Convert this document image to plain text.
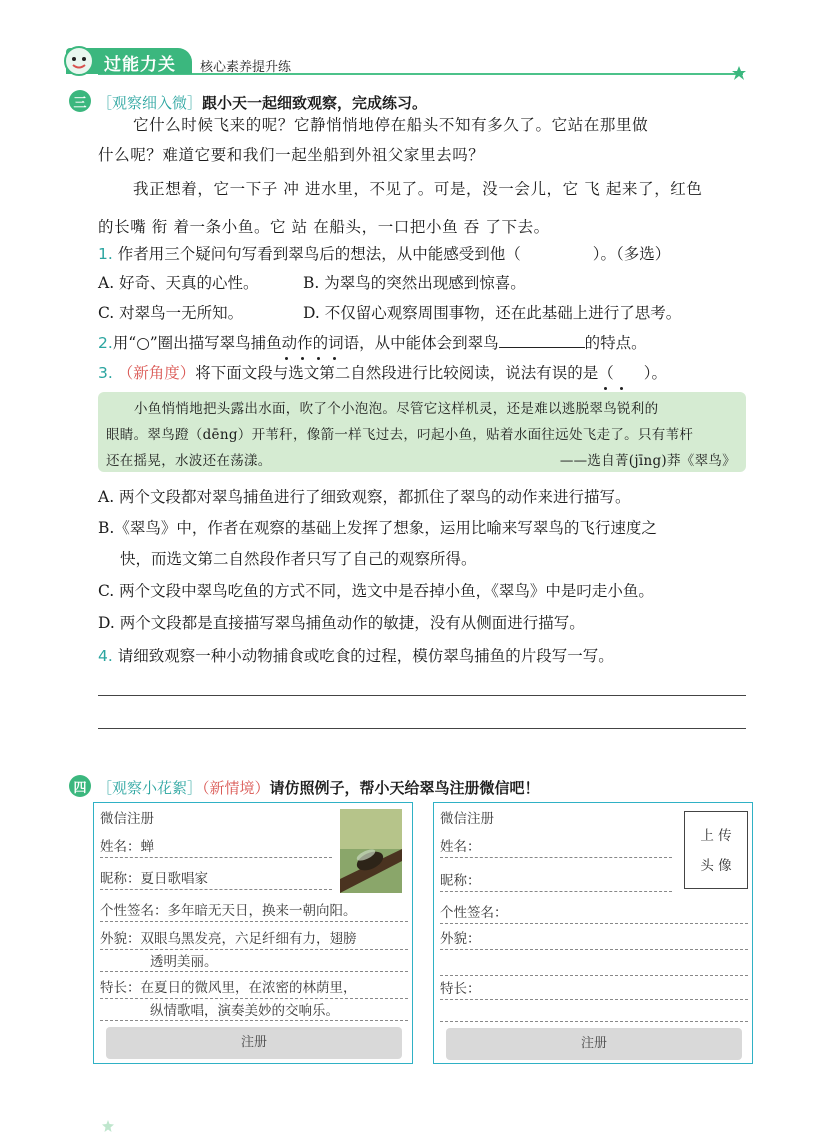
过能力关 核心素养提升练
三 ［观察细入微］跟小天一起细致观察，完成练习。
它什么时候飞来的呢？它静悄悄地停在船头不知有多久了。它站在那里做
什么呢？难道它要和我们一起坐船到外祖父家里去吗？
我正想着，它一下子 冲 进水里，不见了。可是，没一会儿，它 飞 起来了，红色
的长嘴 衔 着一条小鱼。它 站 在船头，一口把小鱼 吞 了下去。
1. 作者用三个疑问句写看到翠鸟后的想法，从中能感受到他（	）。（多选）
A. 好奇、天真的心性。	B. 为翠鸟的突然出现感到惊喜。
C. 对翠鸟一无所知。	D. 不仅留心观察周围事物，还在此基础上进行了思考。
2.用“○”圈出描写翠鸟捕鱼动作的词语，从中能体会到翠鸟	的特点。
3. （新角度）将下面文段与选文第二自然段进行比较阅读，说法有误的是（ ）。
小鱼悄悄地把头露出水面，吹了个小泡泡。尽管它这样机灵，还是难以逃脱翠鸟锐利的
眼睛。翠鸟蹬（dēng）开苇秆，像箭一样飞过去，叼起小鱼，贴着水面往远处飞走了。只有苇杆
还在摇晃，水波还在荡漾。	——选自菁(jīng)莽《翠鸟》
A. 两个文段都对翠鸟捕鱼进行了细致观察，都抓住了翠鸟的动作来进行描写。
B.《翠鸟》中，作者在观察的基础上发挥了想象，运用比喻来写翠鸟的飞行速度之
快，而选文第二自然段作者只写了自己的观察所得。
C. 两个文段中翠鸟吃鱼的方式不同，选文中是吞掉小鱼，《翠鸟》中是叼走小鱼。
D. 两个文段都是直接描写翠鸟捕鱼动作的敏捷，没有从侧面进行描写。
4. 请细致观察一种小动物捕食或吃食的过程，模仿翠鸟捕鱼的片段写一写。
四 ［观察小花絮］（新情境）请仿照例子，帮小天给翠鸟注册微信吧！
微信注册
姓名：蝉
昵称：夏日歌唱家
个性签名：多年暗无天日，换来一朝向阳。
外貌：双眼乌黑发亮，六足纤细有力，翅膀
透明美丽。
特长：在夏日的微风里，在浓密的林荫里，
纵情歌唱，演奏美妙的交响乐。
注册
微信注册
姓名：
昵称：
上 传
头 像
个性签名：
外貌：
特长：
注册
